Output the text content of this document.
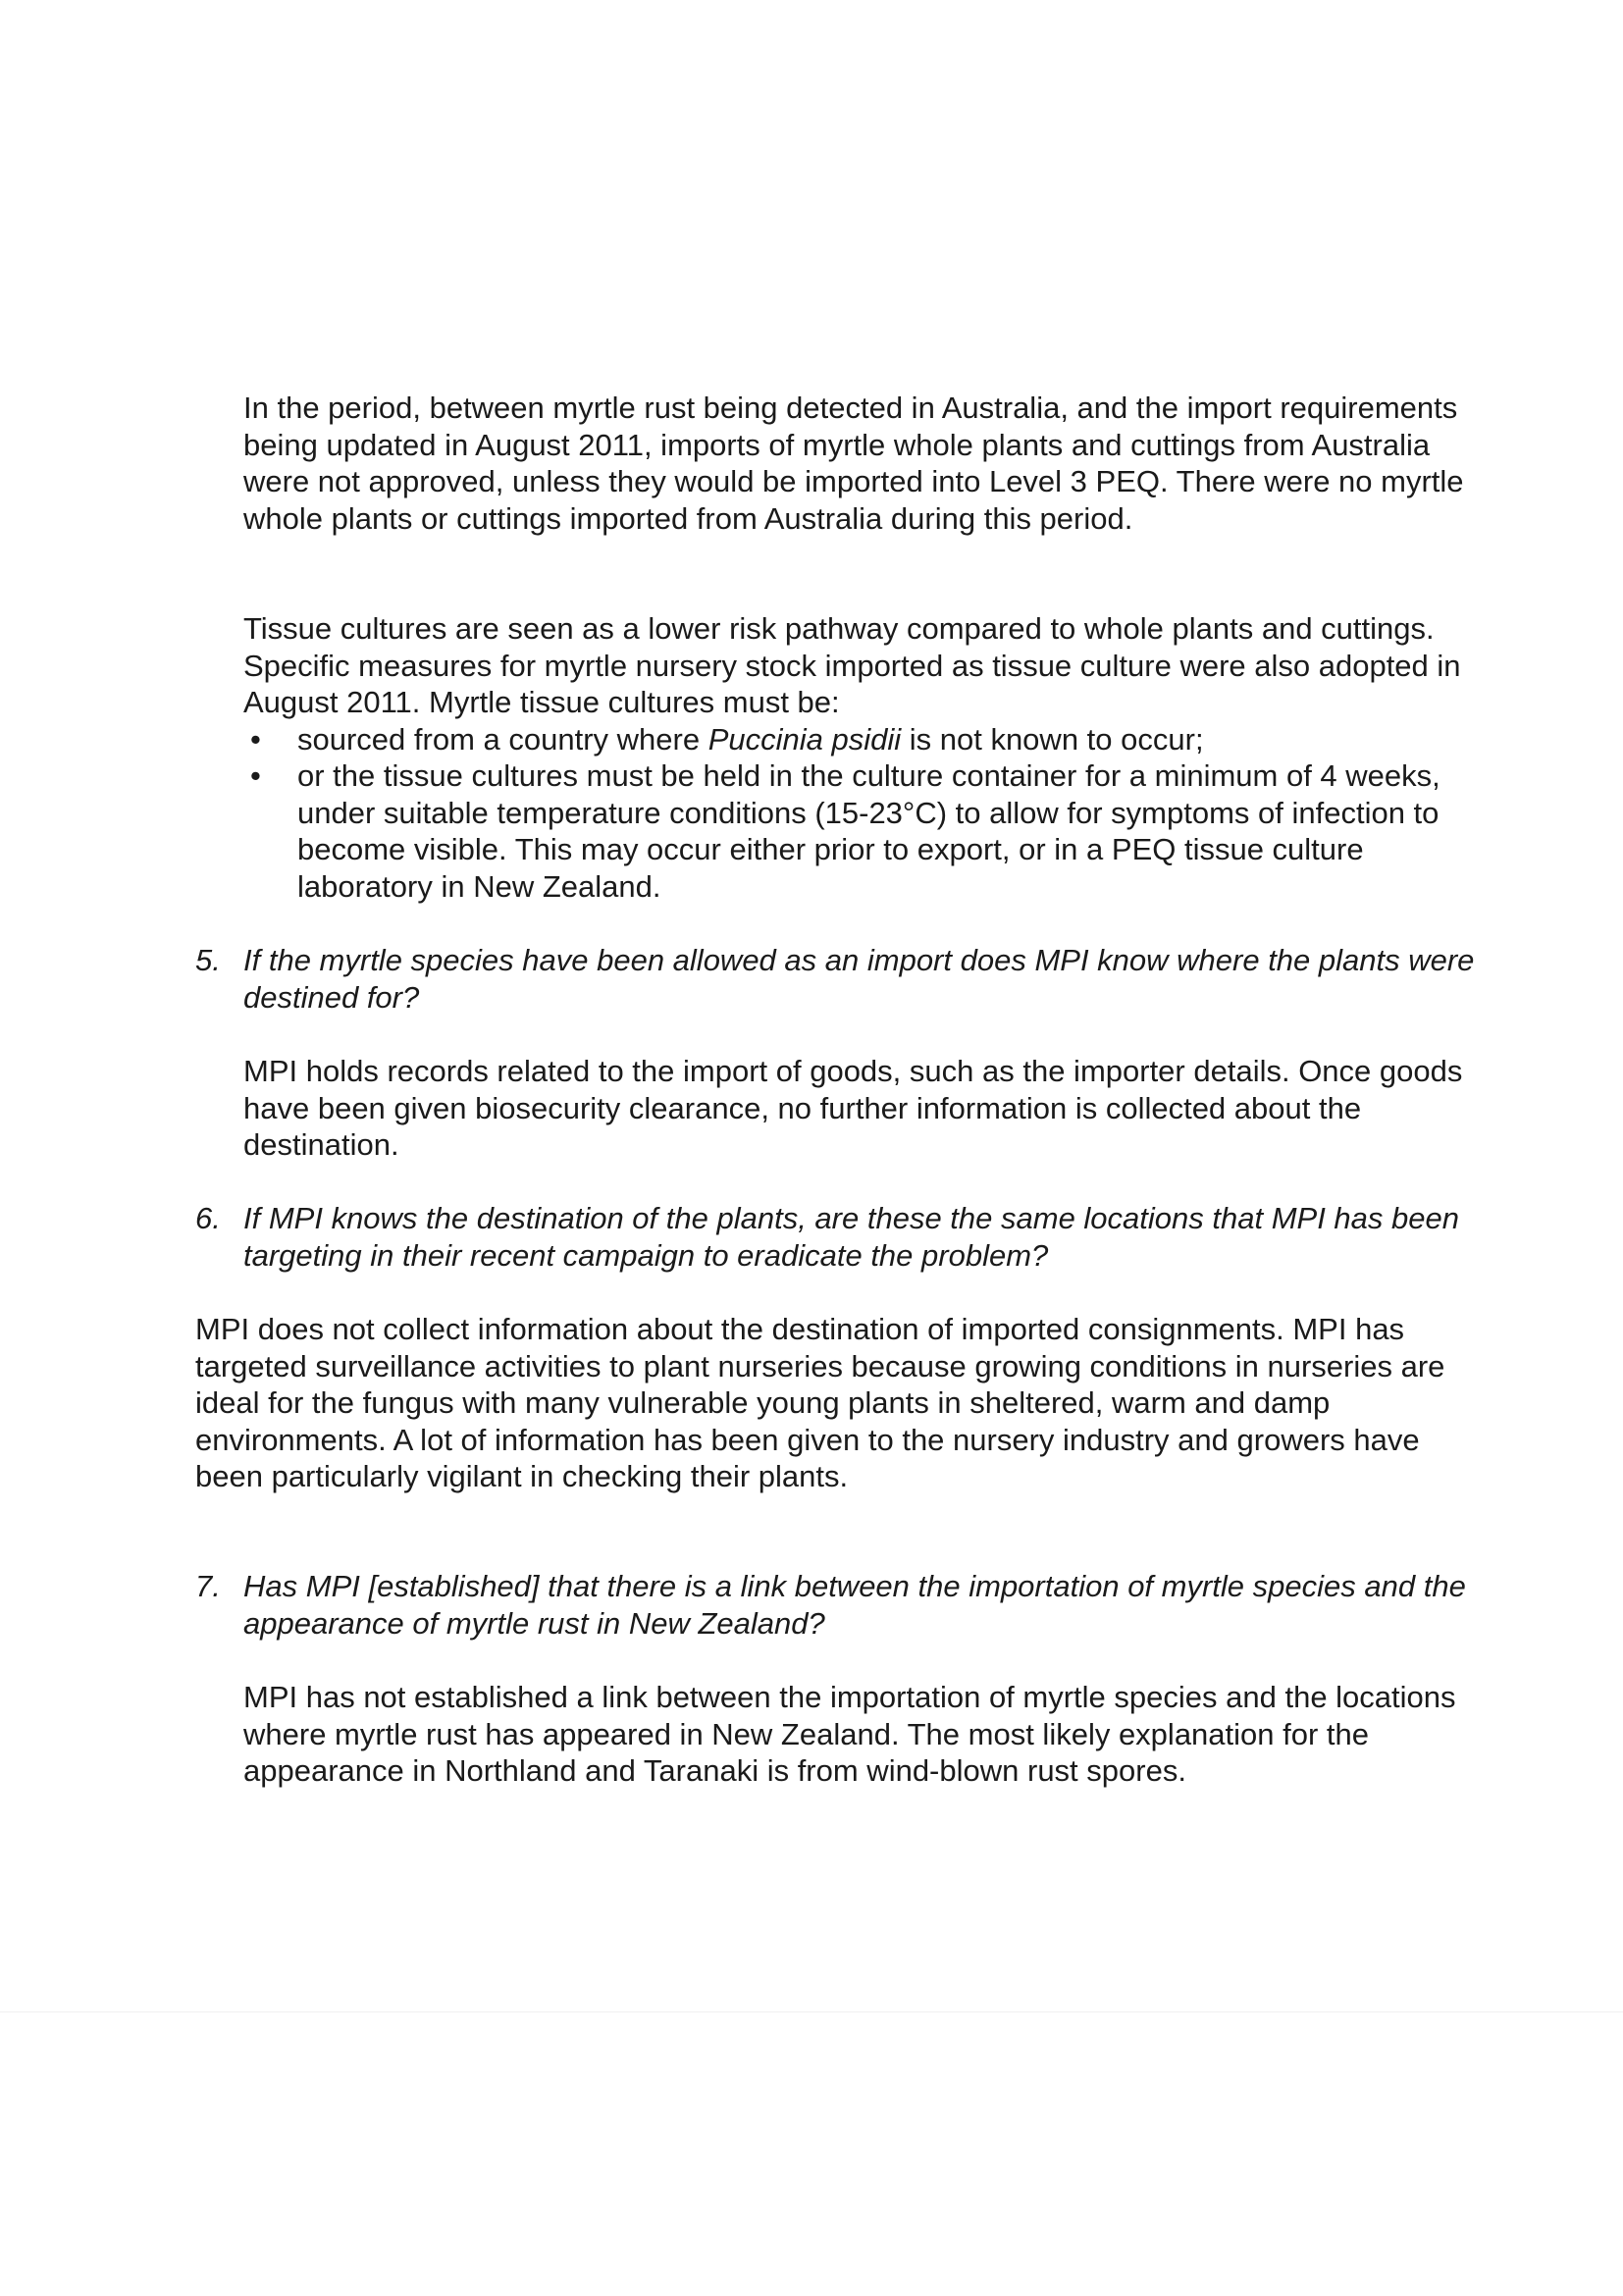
In the period, between myrtle rust being detected in Australia, and the import requirements being updated in August 2011, imports of myrtle whole plants and cuttings from Australia were not approved, unless they would be imported into Level 3 PEQ. There were no myrtle whole plants or cuttings imported from Australia during this period.

Tissue cultures are seen as a lower risk pathway compared to whole plants and cuttings. Specific measures for myrtle nursery stock imported as tissue culture were also adopted in August 2011. Myrtle tissue cultures must be:

• sourced from a country where Puccinia psidii is not known to occur;
• or the tissue cultures must be held in the culture container for a minimum of 4 weeks, under suitable temperature conditions (15-23°C) to allow for symptoms of infection to become visible. This may occur either prior to export, or in a PEQ tissue culture laboratory in New Zealand.
5. If the myrtle species have been allowed as an import does MPI know where the plants were destined for?

MPI holds records related to the import of goods, such as the importer details. Once goods have been given biosecurity clearance, no further information is collected about the destination.

6. If MPI knows the destination of the plants, are these the same locations that MPI has been targeting in their recent campaign to eradicate the problem?

MPI does not collect information about the destination of imported consignments. MPI has targeted surveillance activities to plant nurseries because growing conditions in nurseries are ideal for the fungus with many vulnerable young plants in sheltered, warm and damp environments. A lot of information has been given to the nursery industry and growers have been particularly vigilant in checking their plants.

7. Has MPI [established] that there is a link between the importation of myrtle species and the appearance of myrtle rust in New Zealand?

MPI has not established a link between the importation of myrtle species and the locations where myrtle rust has appeared in New Zealand. The most likely explanation for the appearance in Northland and Taranaki is from wind-blown rust spores.
